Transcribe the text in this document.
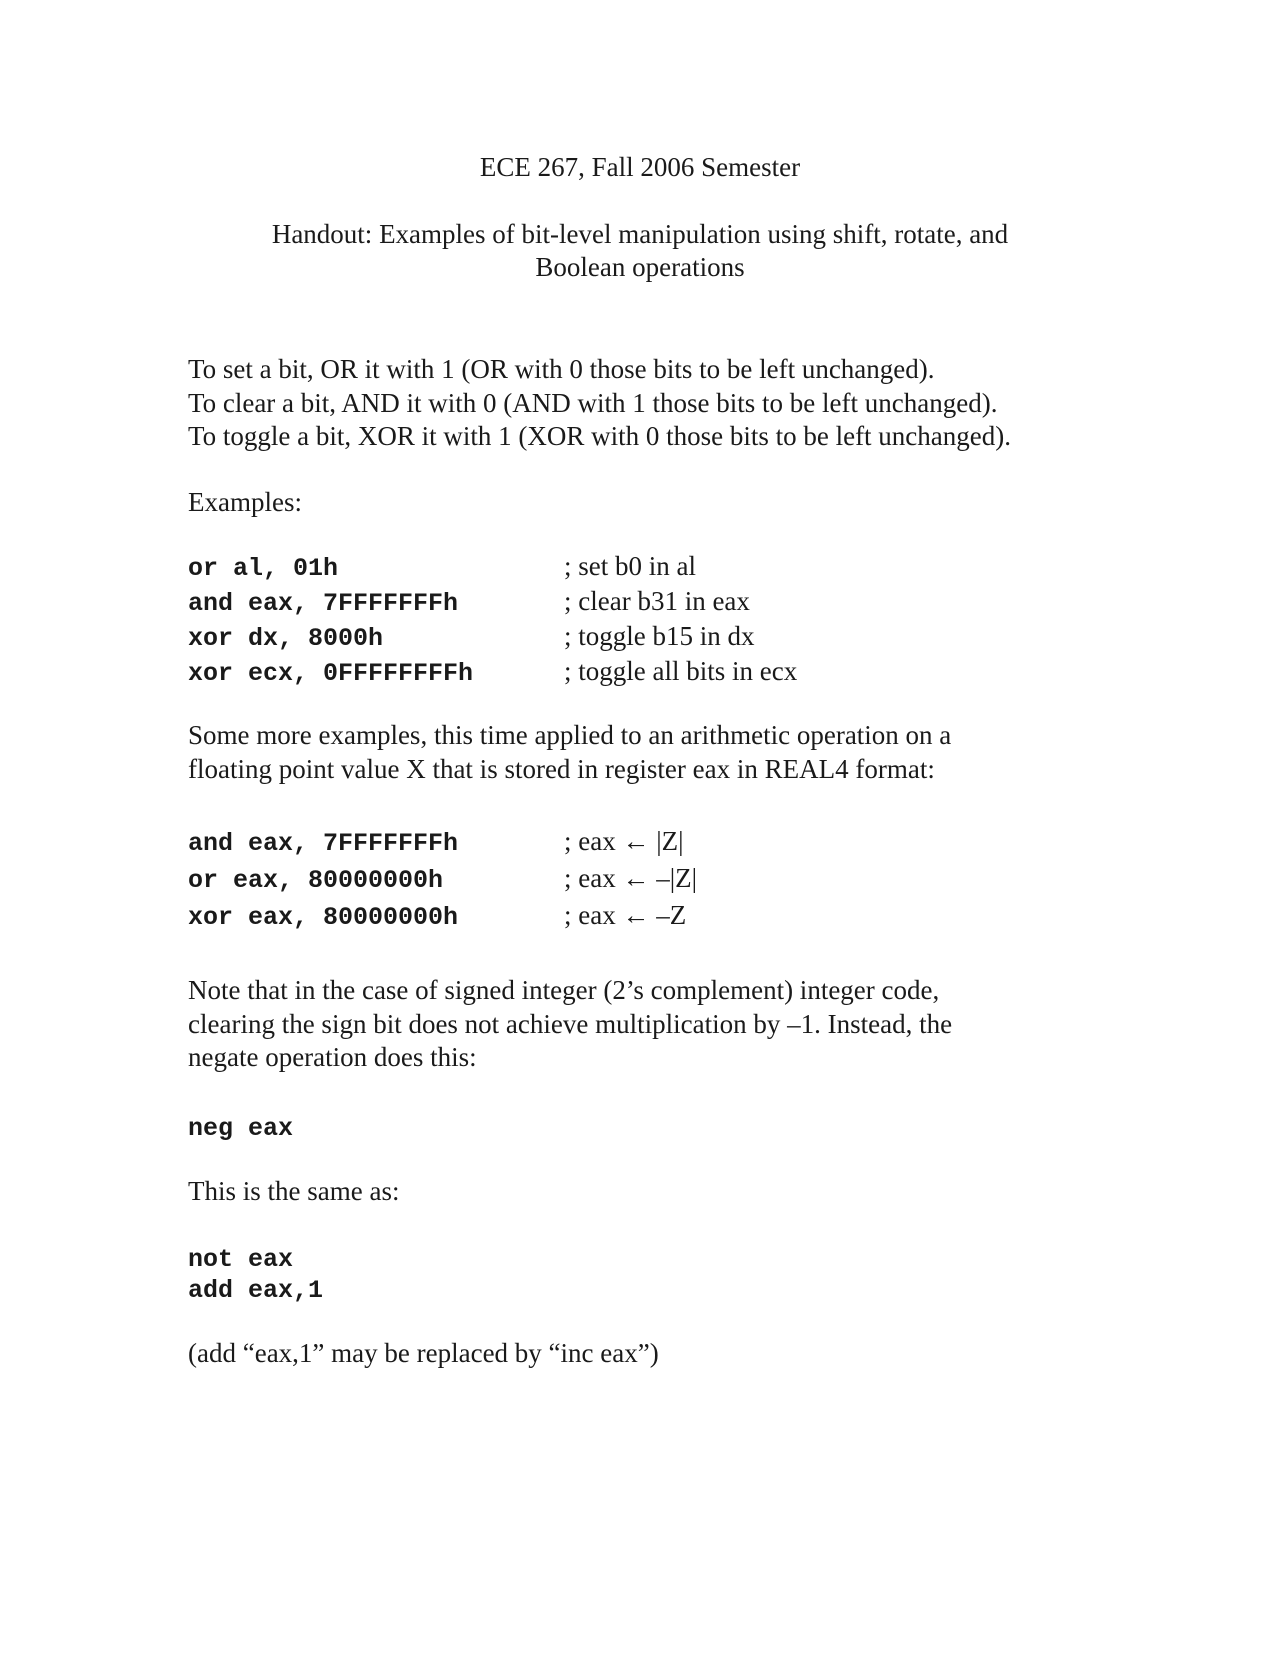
ECE 267, Fall 2006 Semester
Handout: Examples of bit-level manipulation using shift, rotate, and
Boolean operations

To set a bit, OR it with 1 (OR with 0 those bits to be left unchanged).
To clear a bit, AND it with 0 (AND with 1 those bits to be left unchanged).
To toggle a bit, XOR it with 1 (XOR with 0 those bits to be left unchanged).

Examples:

or al, 01h	; set b0 in al
and eax, 7FFFFFFFh	; clear b31 in eax
xor dx, 8000h	; toggle b15 in dx
xor ecx, 0FFFFFFFFh	; toggle all bits in ecx

Some more examples, this time applied to an arithmetic operation on a
floating point value X that is stored in register eax in REAL4 format:

and eax, 7FFFFFFFh	; eax ← |Z|
or eax, 80000000h	; eax ← –|Z|
xor eax, 80000000h	; eax ← –Z

Note that in the case of signed integer (2’s complement) integer code,
clearing the sign bit does not achieve multiplication by –1. Instead, the
negate operation does this:

neg eax

This is the same as:

not eax
add eax,1

(add “eax,1” may be replaced by “inc eax”)
